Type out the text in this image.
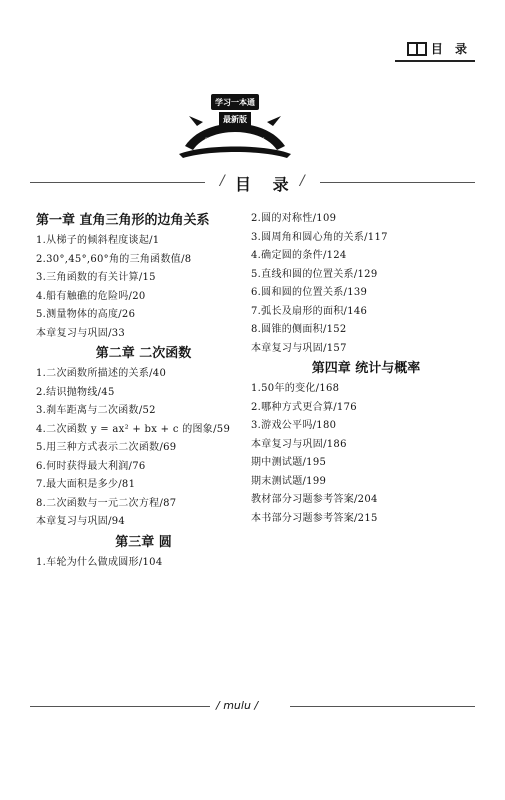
目 录
学习一本通
最新版
STUDY GUIDE EDITION
/ 目 录 /
第一章 直角三角形的边角关系
1.从梯子的倾斜程度谈起/1
2.30°,45°,60°角的三角函数值/8
3.三角函数的有关计算/15
4.船有触礁的危险吗/20
5.测量物体的高度/26
本章复习与巩固/33
第二章 二次函数
1.二次函数所描述的关系/40
2.结识抛物线/45
3.刹车距离与二次函数/52
4.二次函数 y = ax² + bx + c 的图象/59
5.用三种方式表示二次函数/69
6.何时获得最大利润/76
7.最大面积是多少/81
8.二次函数与一元二次方程/87
本章复习与巩固/94
第三章 圆
1.车轮为什么做成圆形/104
2.圆的对称性/109
3.圆周角和圆心角的关系/117
4.确定圆的条件/124
5.直线和圆的位置关系/129
6.圆和圆的位置关系/139
7.弧长及扇形的面积/146
8.圆锥的侧面积/152
本章复习与巩固/157
第四章 统计与概率
1.50年的变化/168
2.哪种方式更合算/176
3.游戏公平吗/180
本章复习与巩固/186
期中测试题/195
期末测试题/199
教材部分习题参考答案/204
本书部分习题参考答案/215
/ mulu /
